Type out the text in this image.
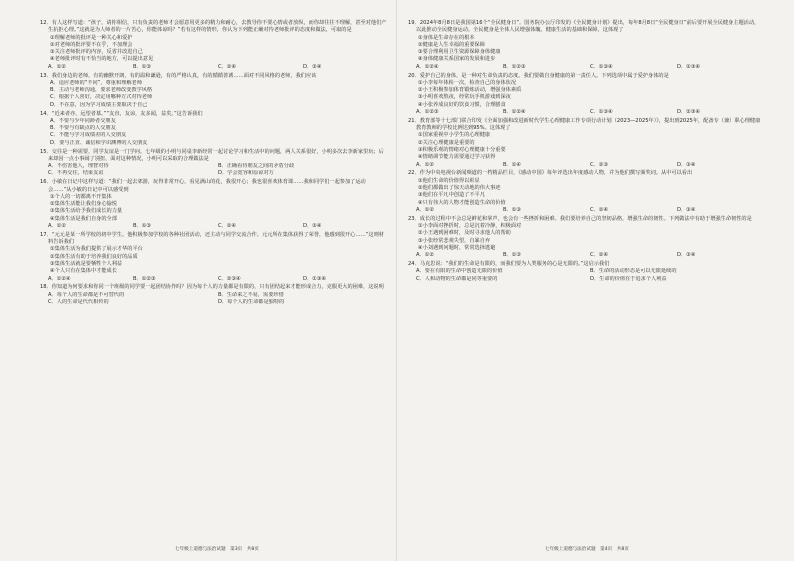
12．有人这样写道：“孩子，请你相信，只有负责的老师才会愿意用更多的精力和耐心，去教导你不要心情或者放纵，而你却往往不理解，甚至对他们产生抗拒心理。”这就是为人师者的一片苦心，你能体谅吗？”若有这样的情形，你认为下列能正确对待老师批评的态度和做法，可取的是
①理解老师的批评是一种关心和爱护
②对老师的批评要不在乎，不加理会
③关注老师批评的内容，反省并改进自己
④老师批评时有不恰当的地方，可以提出意见
A．①②	B．①③	C．②④	D．③④
13．我们身边的老师，有的幽默开朗，有的温和谦逊，有的严格认真，有的循循善诱……面对不同风格的老师，我们应该
A．适应老师的“不同”，尊重和理解老师
B．主动与老师沟通，要求老师改变教学风格
C．根据个人喜好，决定用哪种方式对待老师
D．不在意，因为学习成绩主要取决于自己
14．“近来者亦，远望者慕。”“友直，友谅，友多闻，益矣。”这告诉我们
A．不要与少年同龄者交朋友
B．不要与有缺点的人交朋友
C．不能与学习成绩差的人交朋友
D．要与正直、诚信和学识渊博的人交朋友
15．交往是一种需要，同学友谊是一门学问。七年级的小明与同桌李新经常一起讨论学习和生活中的问题，两人关系很好，小明多次去李新家里玩；后来却因一点小事闹了别扭，面对这种情况，小明可以采取的合理做法是
A．不伤害他人，理智对待	B．正确看待朋友之间的矛盾分歧
C．不再交往，结束友谊	D．学会宽容和原谅对方
16．小敏在日记中这样写道：“我们一起去郊游，玩得非常开心，看见满山的花，我很开心；我也很喜欢体育课……我和同学们一起参加了运动会……”从小敏的日记中可以感受到
①个人的一切都离不开集体
②集体生活能让我们身心愉悦
③集体生活给予我们成长的力量
④集体生活是我们自身的全部
A．①②	B．①③	C．②④	D．③④
17．“元元是某一所学校的初中学生。他积极参加学校的各种社团活动，还主动与同学交流合作。元元所在集体获得了荣誉，他感到很开心……”这则材料告诉我们
①集体生活为我们提供了展示才华的平台
②集体生活有助于培养我们良好的品质
③集体生活就是要牺牲个人利益
④个人只有在集体中才能成长
A．①②④	B．①②③	C．②③④	D．①③④
18．你知道为何要求和你同一个班级的同学要一起团结协作吗？因为每个人的力量都是有限的，只有团结起来才能形成合力，克服更大的困难，这说明
A．每个人的生命都是不可替代的	B．生命来之不易，需要珍惜
C．人的生命是代代相传的	D．每个人的生命都是独特的
19．2024年8月8日是我国第16个“全民健身日”。国务院办公厅印发的《全民健身计划》提出，每年8月8日“全民健身日”前后要开展全民健身主题活动，以此推动全民健身运动。全民健身是全体人民增强体魄、健康生活的基础和保障，这体现了
①身体是生命存在的根本
②健康是人生幸福的重要保障
③要合理利用卫生资源保障身体健康
④身体健康关系国家的发展和进步
A．①②④	B．①②③	C．①③④	D．②③④
20．爱护自己的身体，是一种对生命负责的态度。我们要做自身健康的第一责任人。下列选项中属于爱护身体的是
①小李每年体检一次，检查自己的身体状况
②小王积极参加体育锻炼活动，增强身体素质
③小明喜欢熬夜，经常玩手机游戏到深夜
④小张养成良好的饮食习惯，合理膳食
A．①②③	B．①②④	C．①③④	D．②③④
21．教育部等十七部门联合印发《全面加强和改进新时代学生心理健康工作专项行动计划（2023—2025年）》，提出到2025年，配备专（兼）职心理健康教育教师的学校比例达到95%。这体现了
①国家重视中小学生的心理健康
②关注心理健康是重要的
③积极乐观的情绪对心理健康十分重要
④情绪调节能力需要通过学习获得
A．①②	B．①④	C．②③	D．③④
22．作为中央电视台新闻频道的一档精品栏目，《感动中国》每年评选出年度感动人物，并为他们撰写颁奖词。从中可以看出
①他们生命的价值得以彰显
②他们都做出了惊天动地的伟大事迹
③他们在平凡中创造了不平凡
④只有伟大的人物才能创造生命的价值
A．①②	B．①③	C．②④	D．③④
23．成长的过程中不会总是鲜花和掌声，也会有一些挫折和困难。我们要培养自己的坚韧品格，增强生命的韧性。下列做法中有助于增强生命韧性的是
①小李面对挫折时，总是沉着冷静，积极面对
②小王遇到困难时，及时寻求他人的帮助
③小张经常悲观失望，自暴自弃
④小刘遇到问题时，常常选择逃避
A．①②	B．①③	C．②④	D．③④
24．马克思说：“我们的生命是有限的，而我们要为人类服务的心是无限的。”这启示我们
A．要在有限的生命中创造无限的价值	B．生命的活动形态是可以无限延续的
C．人和动物的生命都是同等重要的	D．生命的价值在于追求个人利益
七年级上道德与法治试题　第3页　共8页	七年级上道德与法治试题　第4页　共8页
